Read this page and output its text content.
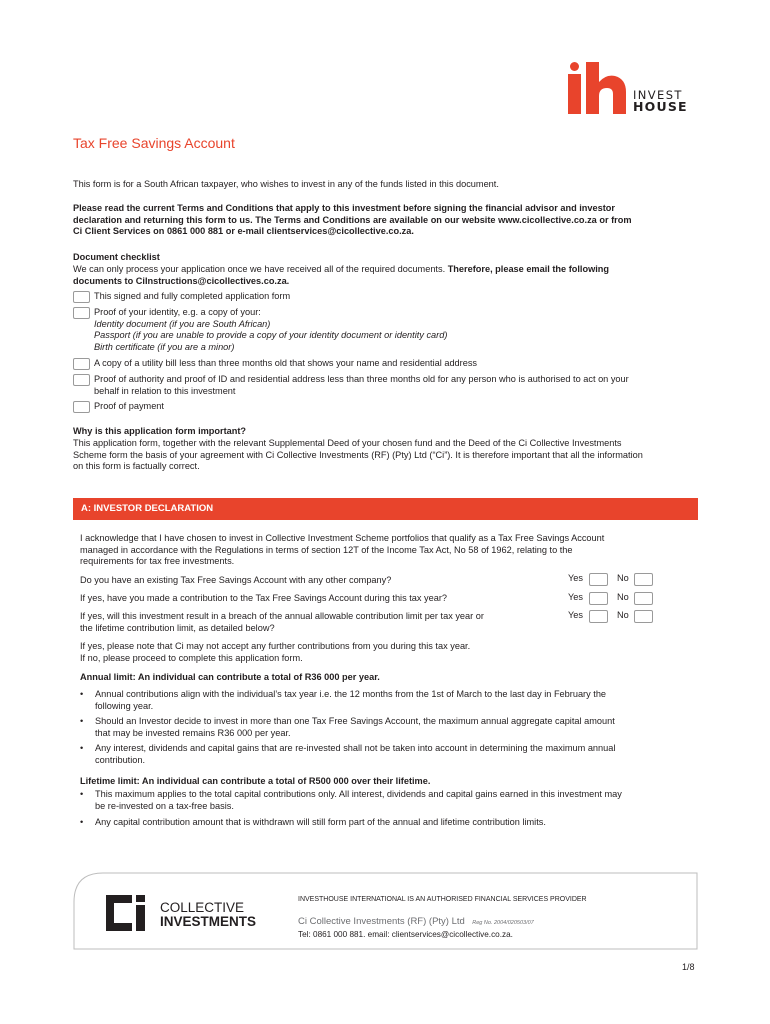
INVEST
HOUSE
Tax Free Savings Account
This form is for a South African taxpayer, who wishes to invest in any of the funds listed in this document.
Please read the current Terms and Conditions that apply to this investment before signing the financial advisor and investor
declaration and returning this form to us. The Terms and Conditions are available on our website www.cicollective.co.za or from
Ci Client Services on 0861 000 881 or e-mail clientservices@cicollective.co.za.
Document checklist
We can only process your application once we have received all of the required documents. Therefore, please email the following
documents to CiInstructions@cicollectives.co.za.
This signed and fully completed application form
Proof of your identity, e.g. a copy of your:
Identity document (if you are South African)
Passport (if you are unable to provide a copy of your identity document or identity card)
Birth certificate (if you are a minor)
A copy of a utility bill less than three months old that shows your name and residential address
Proof of authority and proof of ID and residential address less than three months old for any person who is authorised to act on your
behalf in relation to this investment
Proof of payment
Why is this application form important?
This application form, together with the relevant Supplemental Deed of your chosen fund and the Deed of the Ci Collective Investments
Scheme form the basis of your agreement with Ci Collective Investments (RF) (Pty) Ltd (“Ci”). It is therefore important that all the information
on this form is factually correct.
A: INVESTOR DECLARATION
I acknowledge that I have chosen to invest in Collective Investment Scheme portfolios that qualify as a Tax Free Savings Account
managed in accordance with the Regulations in terms of section 12T of the Income Tax Act, No 58 of 1962, relating to the
requirements for tax free investments.
Do you have an existing Tax Free Savings Account with any other company?	Yes	No
If yes, have you made a contribution to the Tax Free Savings Account during this tax year?	Yes	No
If yes, will this investment result in a breach of the annual allowable contribution limit per tax year or
the lifetime contribution limit, as detailed below?
Yes	No
If yes, please note that Ci may not accept any further contributions from you during this tax year.
If no, please proceed to complete this application form.
Annual limit: An individual can contribute a total of R36 000 per year.
• Annual contributions align with the individual’s tax year i.e. the 12 months from the 1st of March to the last day in February the
following year.
• Should an Investor decide to invest in more than one Tax Free Savings Account, the maximum annual aggregate capital amount
that may be invested remains R36 000 per year.
• Any interest, dividends and capital gains that are re-invested shall not be taken into account in determining the maximum annual
contribution.
Lifetime limit: An individual can contribute a total of R500 000 over their lifetime.
• This maximum applies to the total capital contributions only. All interest, dividends and capital gains earned in this investment may
be re-invested on a tax-free basis.
• Any capital contribution amount that is withdrawn will still form part of the annual and lifetime contribution limits.
COLLECTIVE
INVESTMENTS
INVESTHOUSE INTERNATIONAL IS AN AUTHORISED FINANCIAL SERVICES PROVIDER
Ci Collective Investments (RF) (Pty) Ltd Reg No. 2004/020503/07
Tel: 0861 000 881. email: clientservices@cicollective.co.za.
1/8
